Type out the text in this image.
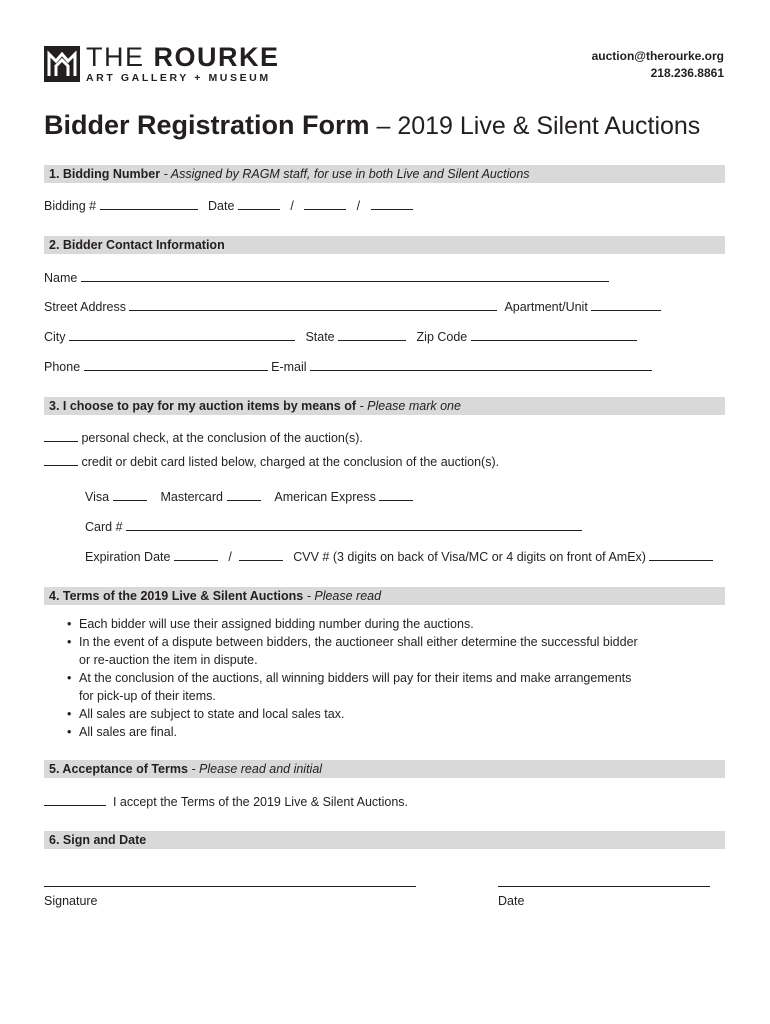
THE ROURKE
ART GALLERY + MUSEUM
auction@therourke.org
218.236.8861
Bidder Registration Form – 2019 Live & Silent Auctions
1. Bidding Number - Assigned by RAGM staff, for use in both Live and Silent Auctions
Bidding #	Date	/	/
2. Bidder Contact Information
Name
Street Address	Apartment/Unit
City	State	Zip Code
Phone	E-mail
3. I choose to pay for my auction items by means of - Please mark one
personal check, at the conclusion of the auction(s).
credit or debit card listed below, charged at the conclusion of the auction(s).
Visa	Mastercard	American Express
Card #
Expiration Date	/	CVV # (3 digits on back of Visa/MC or 4 digits on front of AmEx)
4. Terms of the 2019 Live & Silent Auctions - Please read
• Each bidder will use their assigned bidding number during the auctions.
• In the event of a dispute between bidders, the auctioneer shall either determine the successful bidder
or re-auction the item in dispute.
• At the conclusion of the auctions, all winning bidders will pay for their items and make arrangements
for pick-up of their items.
• All sales are subject to state and local sales tax.
• All sales are final.
5. Acceptance of Terms - Please read and initial
I accept the Terms of the 2019 Live & Silent Auctions.
6. Sign and Date
Signature	Date
